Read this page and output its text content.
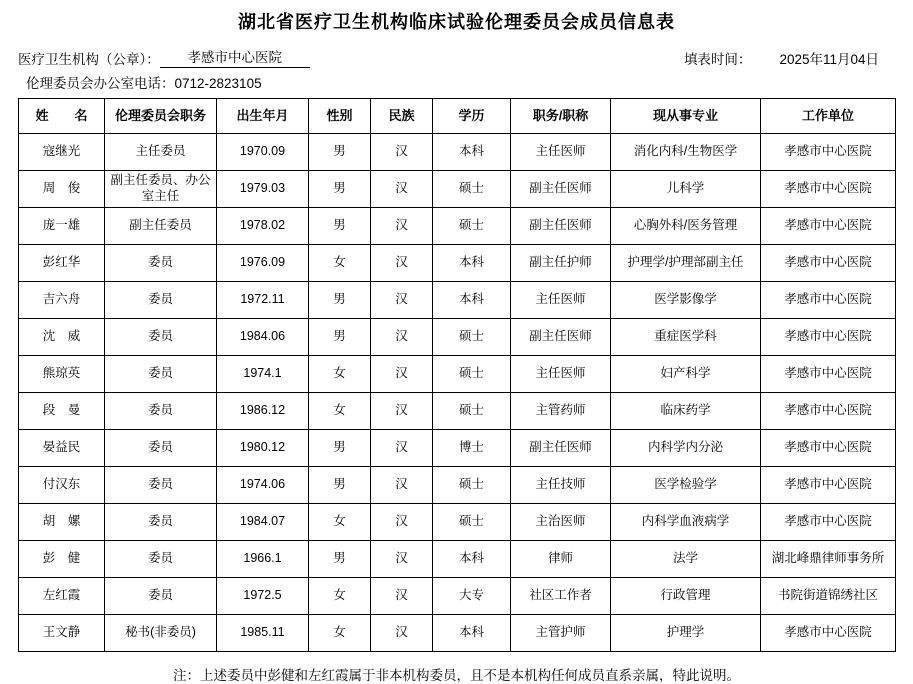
湖北省医疗卫生机构临床试验伦理委员会成员信息表
医疗卫生机构（公章）：	孝感市中心医院	填表时间：	2025年11月04日
伦理委员会办公室电话：0712-2823105
姓　　名	伦理委员会职务	出生年月	性别	民族	学历	职务/职称	现从事专业	工作单位
寇继光	主任委员	1970.09	男	汉	本科	主任医师	消化内科/生物医学	孝感市中心医院
周　俊	副主任委员、办公室主任	1979.03	男	汉	硕士	副主任医师	儿科学	孝感市中心医院
庞一雄	副主任委员	1978.02	男	汉	硕士	副主任医师	心胸外科/医务管理	孝感市中心医院
彭红华	委员	1976.09	女	汉	本科	副主任护师	护理学/护理部副主任	孝感市中心医院
吉六舟	委员	1972.11	男	汉	本科	主任医师	医学影像学	孝感市中心医院
沈　威	委员	1984.06	男	汉	硕士	副主任医师	重症医学科	孝感市中心医院
熊琼英	委员	1974.1	女	汉	硕士	主任医师	妇产科学	孝感市中心医院
段　曼	委员	1986.12	女	汉	硕士	主管药师	临床药学	孝感市中心医院
晏益民	委员	1980.12	男	汉	博士	副主任医师	内科学内分泌	孝感市中心医院
付汉东	委员	1974.06	男	汉	硕士	主任技师	医学检验学	孝感市中心医院
胡　嫘	委员	1984.07	女	汉	硕士	主治医师	内科学血液病学	孝感市中心医院
彭　健	委员	1966.1	男	汉	本科	律师	法学	湖北峰鼎律师事务所
左红霞	委员	1972.5	女	汉	大专	社区工作者	行政管理	书院街道锦绣社区
王文静	秘书(非委员)	1985.11	女	汉	本科	主管护师	护理学	孝感市中心医院
注：上述委员中彭健和左红霞属于非本机构委员，且不是本机构任何成员直系亲属，特此说明。
